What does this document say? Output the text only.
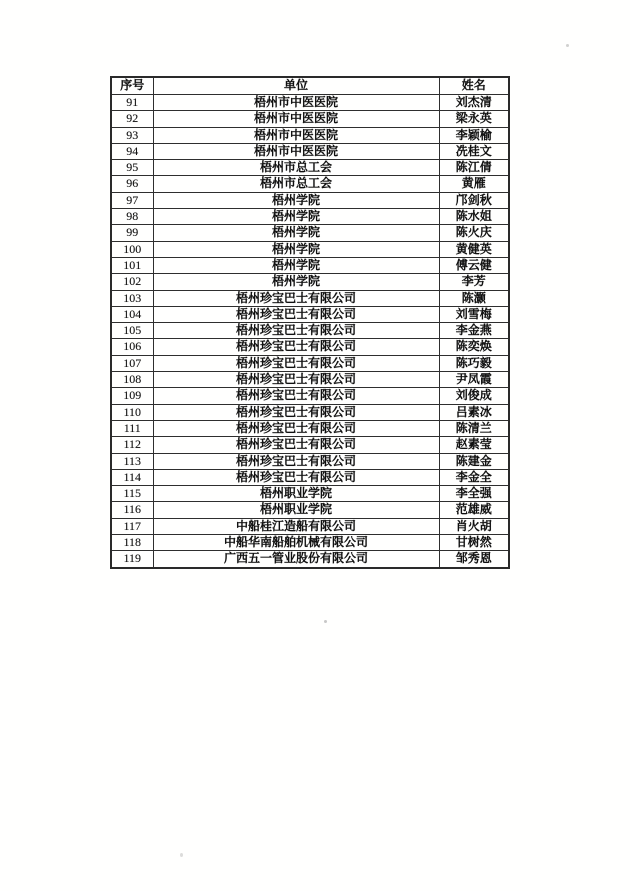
序号	单位	姓名
91	梧州市中医医院	刘杰清
92	梧州市中医医院	梁永英
93	梧州市中医医院	李颖榆
94	梧州市中医医院	冼桂文
95	梧州市总工会	陈江倩
96	梧州市总工会	黄雁
97	梧州学院	邝剑秋
98	梧州学院	陈水姐
99	梧州学院	陈火庆
100	梧州学院	黄健英
101	梧州学院	傅云健
102	梧州学院	李芳
103	梧州珍宝巴士有限公司	陈灏
104	梧州珍宝巴士有限公司	刘雪梅
105	梧州珍宝巴士有限公司	李金燕
106	梧州珍宝巴士有限公司	陈奕焕
107	梧州珍宝巴士有限公司	陈巧毅
108	梧州珍宝巴士有限公司	尹凤霞
109	梧州珍宝巴士有限公司	刘俊成
110	梧州珍宝巴士有限公司	吕素冰
111	梧州珍宝巴士有限公司	陈清兰
112	梧州珍宝巴士有限公司	赵素莹
113	梧州珍宝巴士有限公司	陈建金
114	梧州珍宝巴士有限公司	李金全
115	梧州职业学院	李全强
116	梧州职业学院	范雄威
117	中船桂江造船有限公司	肖火胡
118	中船华南船舶机械有限公司	甘树然
119	广西五一管业股份有限公司	邹秀恩
